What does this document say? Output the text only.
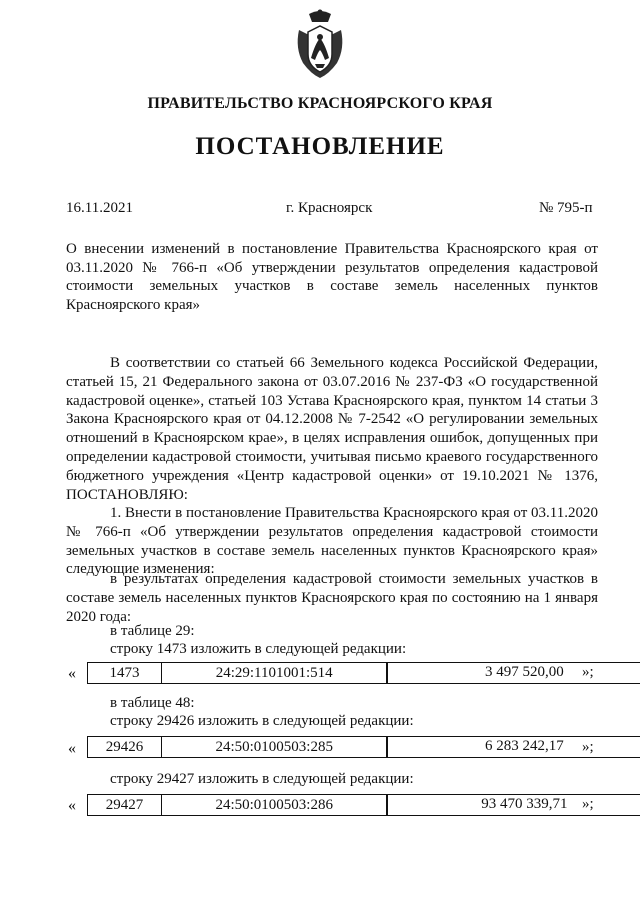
ПРАВИТЕЛЬСТВО КРАСНОЯРСКОГО КРАЯ
ПОСТАНОВЛЕНИЕ
16.11.2021	г. Красноярск	№ 795-п
О внесении изменений в постановление Правительства Красноярского края от 03.11.2020 № 766-п «Об утверждении результатов определения кадастровой стоимости земельных участков в составе земель населенных пунктов Красноярского края»
В соответствии со статьей 66 Земельного кодекса Российской Федерации, статьей 15, 21 Федерального закона от 03.07.2016 № 237-ФЗ «О государственной кадастровой оценке», статьей 103 Устава Красноярского края, пунктом 14 статьи 3 Закона Красноярского края от 04.12.2008 № 7-2542 «О регулировании земельных отношений в Красноярском крае», в целях исправления ошибок, допущенных при определении кадастровой стоимости, учитывая письмо краевого государственного бюджетного учреждения «Центр кадастровой оценки» от 19.10.2021 № 1376, ПОСТАНОВЛЯЮ:
1. Внести в постановление Правительства Красноярского края от 03.11.2020 № 766-п «Об утверждении результатов определения кадастровой стоимости земельных участков в составе земель населенных пунктов Красноярского края» следующие изменения:
в результатах определения кадастровой стоимости земельных участков в составе земель населенных пунктов Красноярского края по состоянию на 1 января 2020 года:
в таблице 29:
строку 1473 изложить в следующей редакции:
«	1473	24:29:1101001:514	3 497 520,00	»;
в таблице 48:
строку 29426 изложить в следующей редакции:
«	29426	24:50:0100503:285	6 283 242,17	»;
строку 29427 изложить в следующей редакции:
«	29427	24:50:0100503:286	93 470 339,71 »;
